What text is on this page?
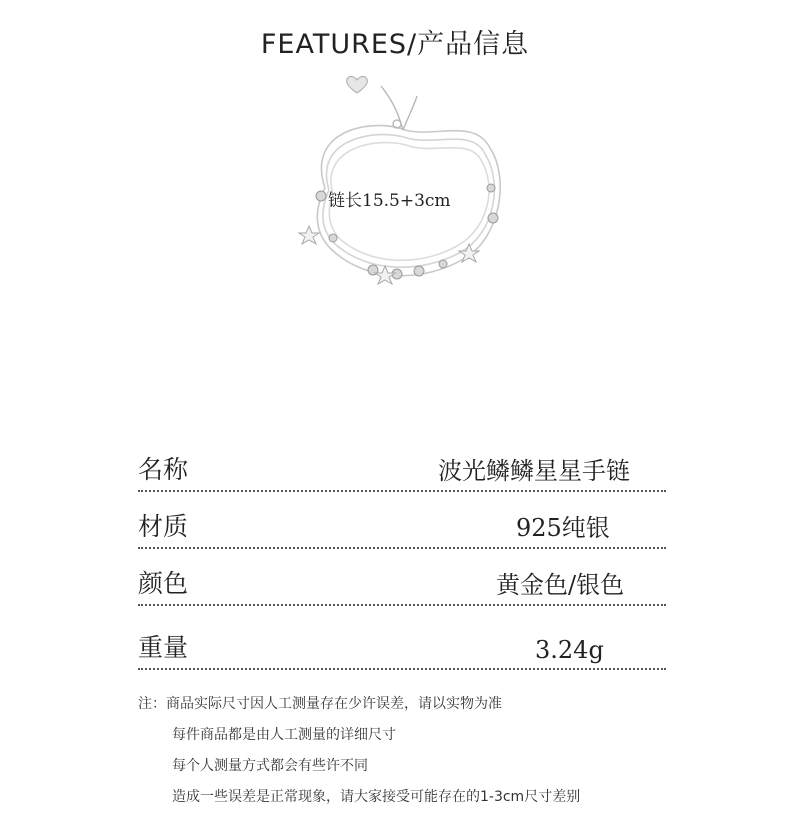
FEATURES/产品信息
链长15.5+3cm
名称	波光鳞鳞星星手链
材质	925纯银
颜色	黄金色/银色
重量	3.24g
注：商品实际尺寸因人工测量存在少许误差，请以实物为准
每件商品都是由人工测量的详细尺寸
每个人测量方式都会有些许不同
造成一些误差是正常现象，请大家接受可能存在的1-3cm尺寸差别
